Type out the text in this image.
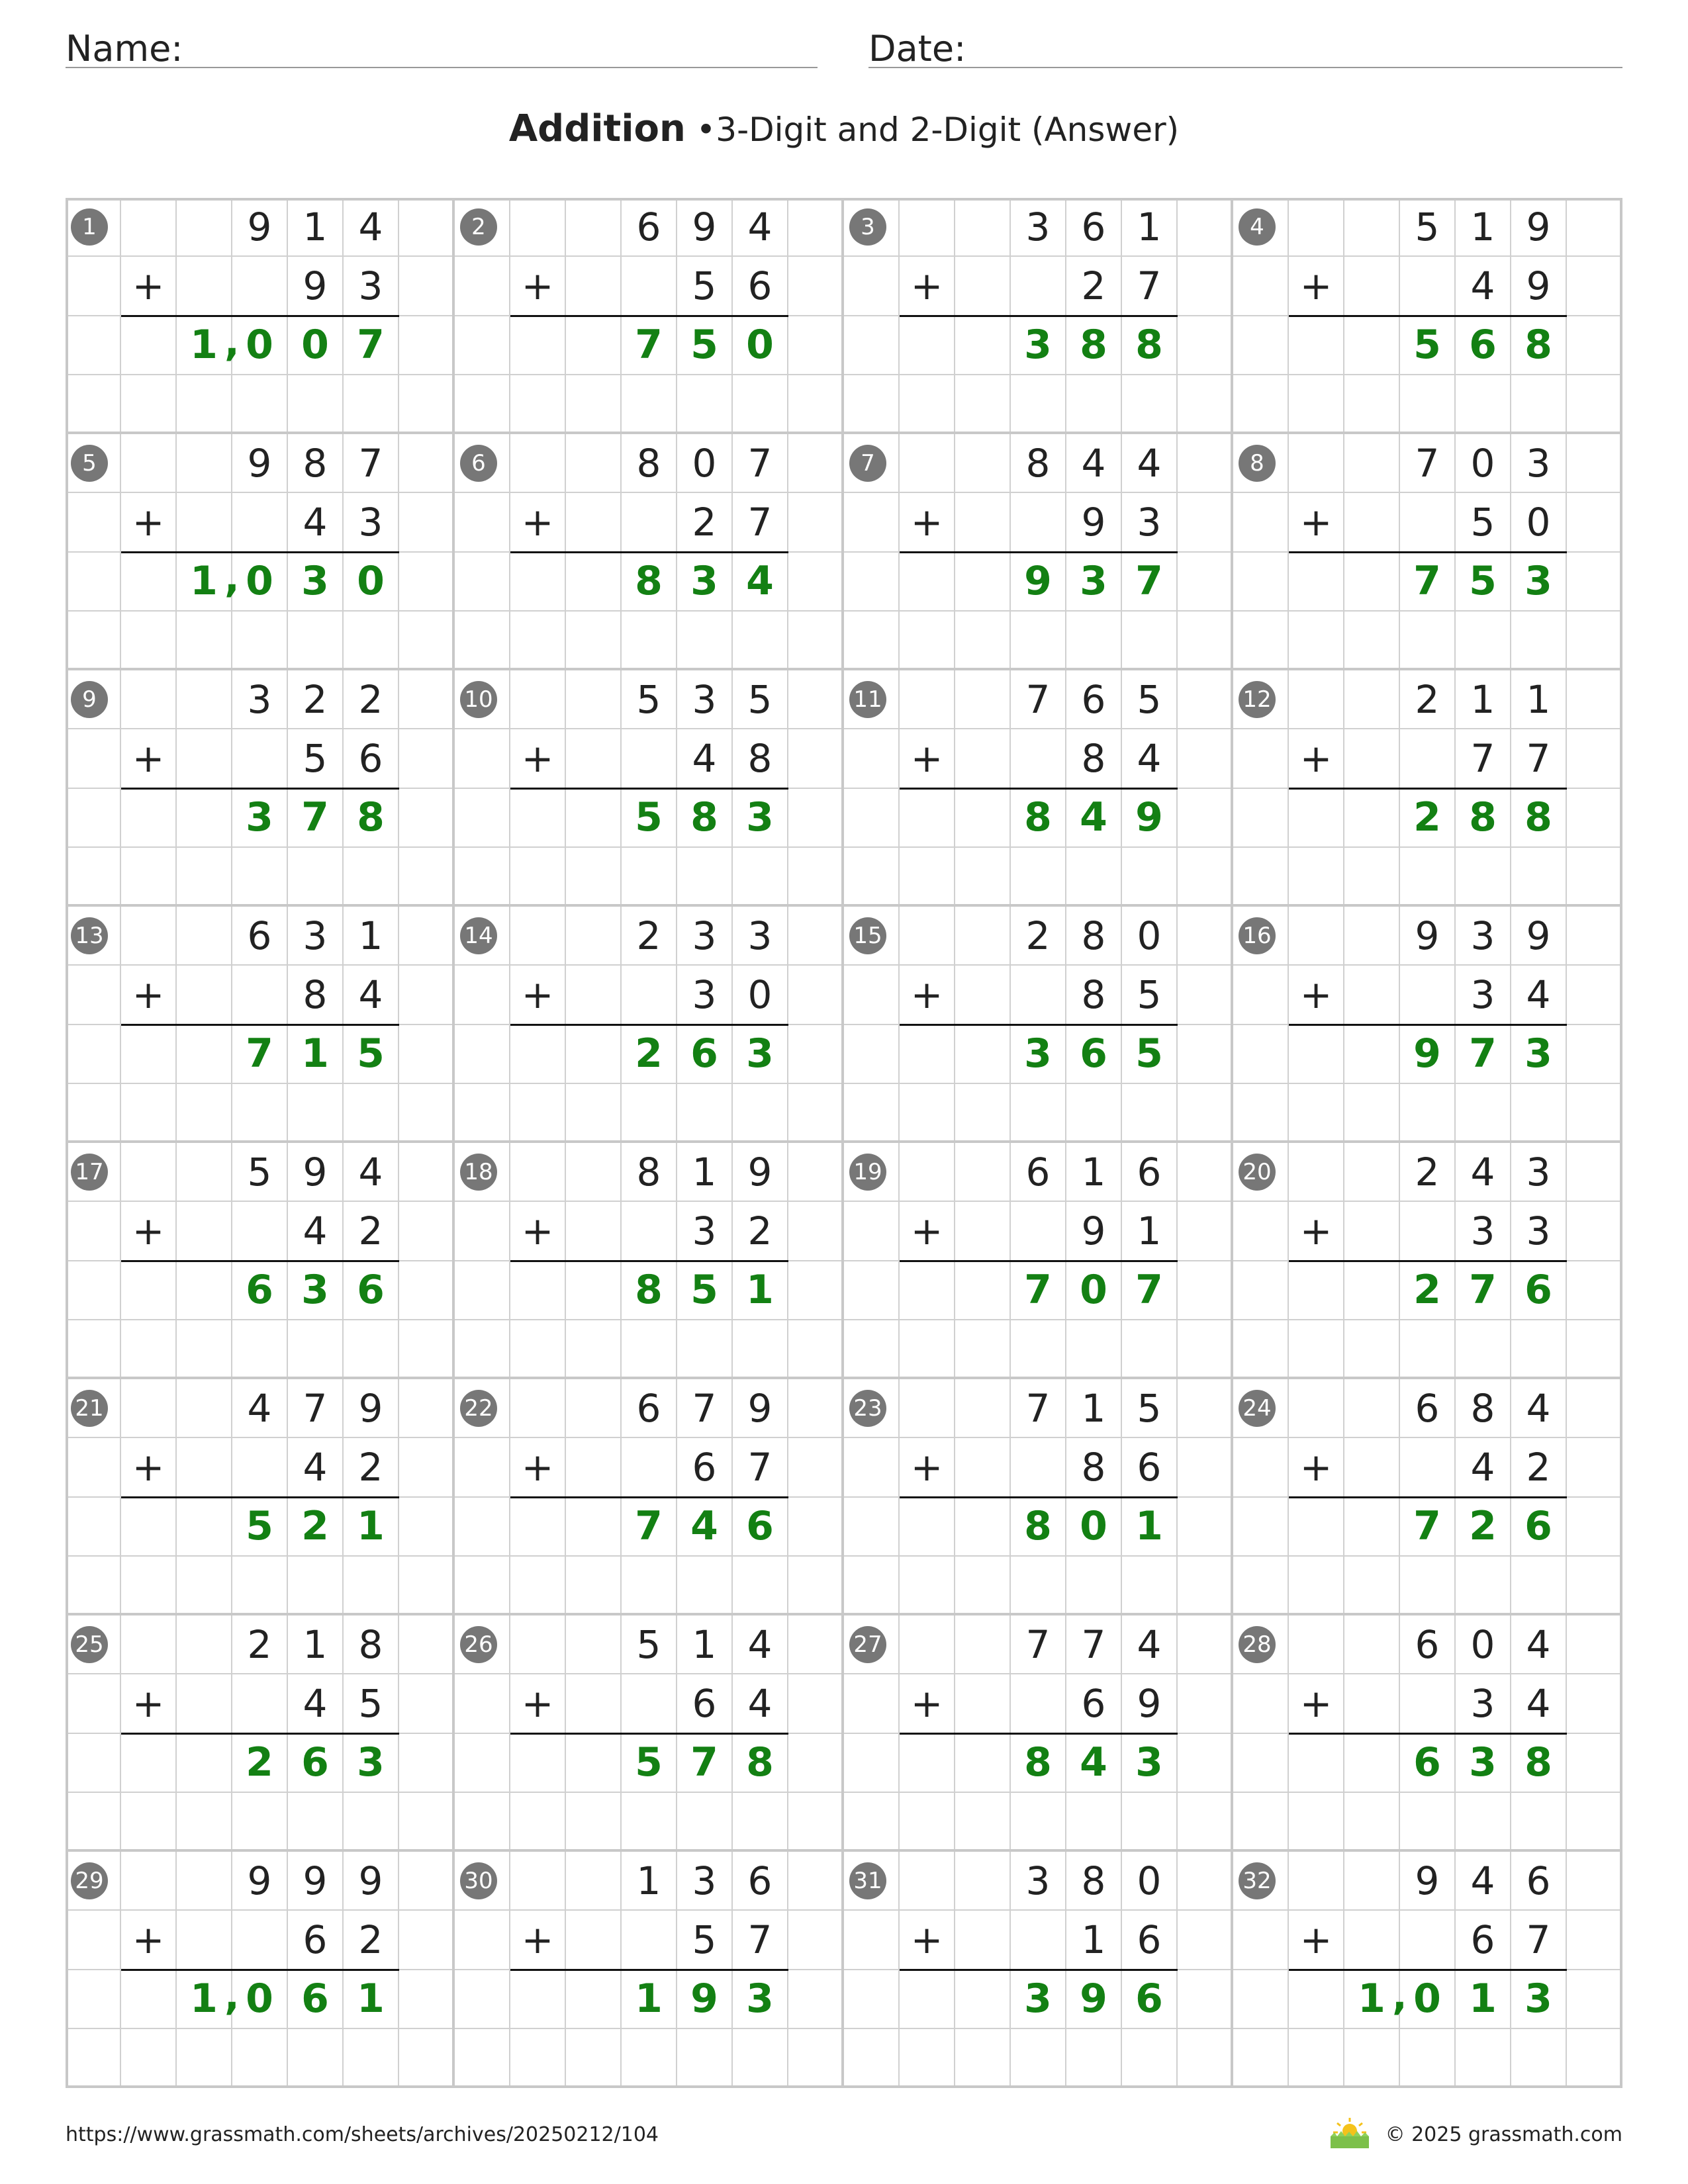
Name:	Date:
Addition •3-Digit and 2-Digit (Answer)
9 1 4
+	9 3
1 0 0 7
1
,
6 9 4
+	5 6
7 5 0
2	3 6 1
+	2 7
3 8 8
3	5 1 9
+	4 9
5 6 8
4
9 8 7
+	4 3
1 0 3 0
5
,
8 0 7
+	2 7
8 3 4
6	8 4 4
+	9 3
9 3 7
7	7 0 3
+	5 0
7 5 3
8
3 2 2
+	5 6
3 7 8
9	5 3 5
+	4 8
5 8 3
10	7 6 5
+	8 4
8 4 9
11	2 1 1
+	7 7
2 8 8
12
6 3 1
+	8 4
7 1 5
13	2 3 3
+	3 0
2 6 3
14	2 8 0
+	8 5
3 6 5
15	9 3 9
+	3 4
9 7 3
16
5 9 4
+	4 2
6 3 6
17	8 1 9
+	3 2
8 5 1
18	6 1 6
+	9 1
7 0 7
19	2 4 3
+	3 3
2 7 6
20
4 7 9
+	4 2
5 2 1
21	6 7 9
+	6 7
7 4 6
22	7 1 5
+	8 6
8 0 1
23	6 8 4
+	4 2
7 2 6
24
2 1 8
+	4 5
2 6 3
25	5 1 4
+	6 4
5 7 8
26	7 7 4
+	6 9
8 4 3
27	6 0 4
+	3 4
6 3 8
28
9 9 9
+	6 2
1 0 6 1
29
,
1 3 6
+	5 7
1 9 3
30	3 8 0
+	1 6
3 9 6
31	9 4 6
+	6 7
1 0 1 3
32
,
https://www.grassmath.com/sheets/archives/20250212/104	© 2025 grassmath.com
